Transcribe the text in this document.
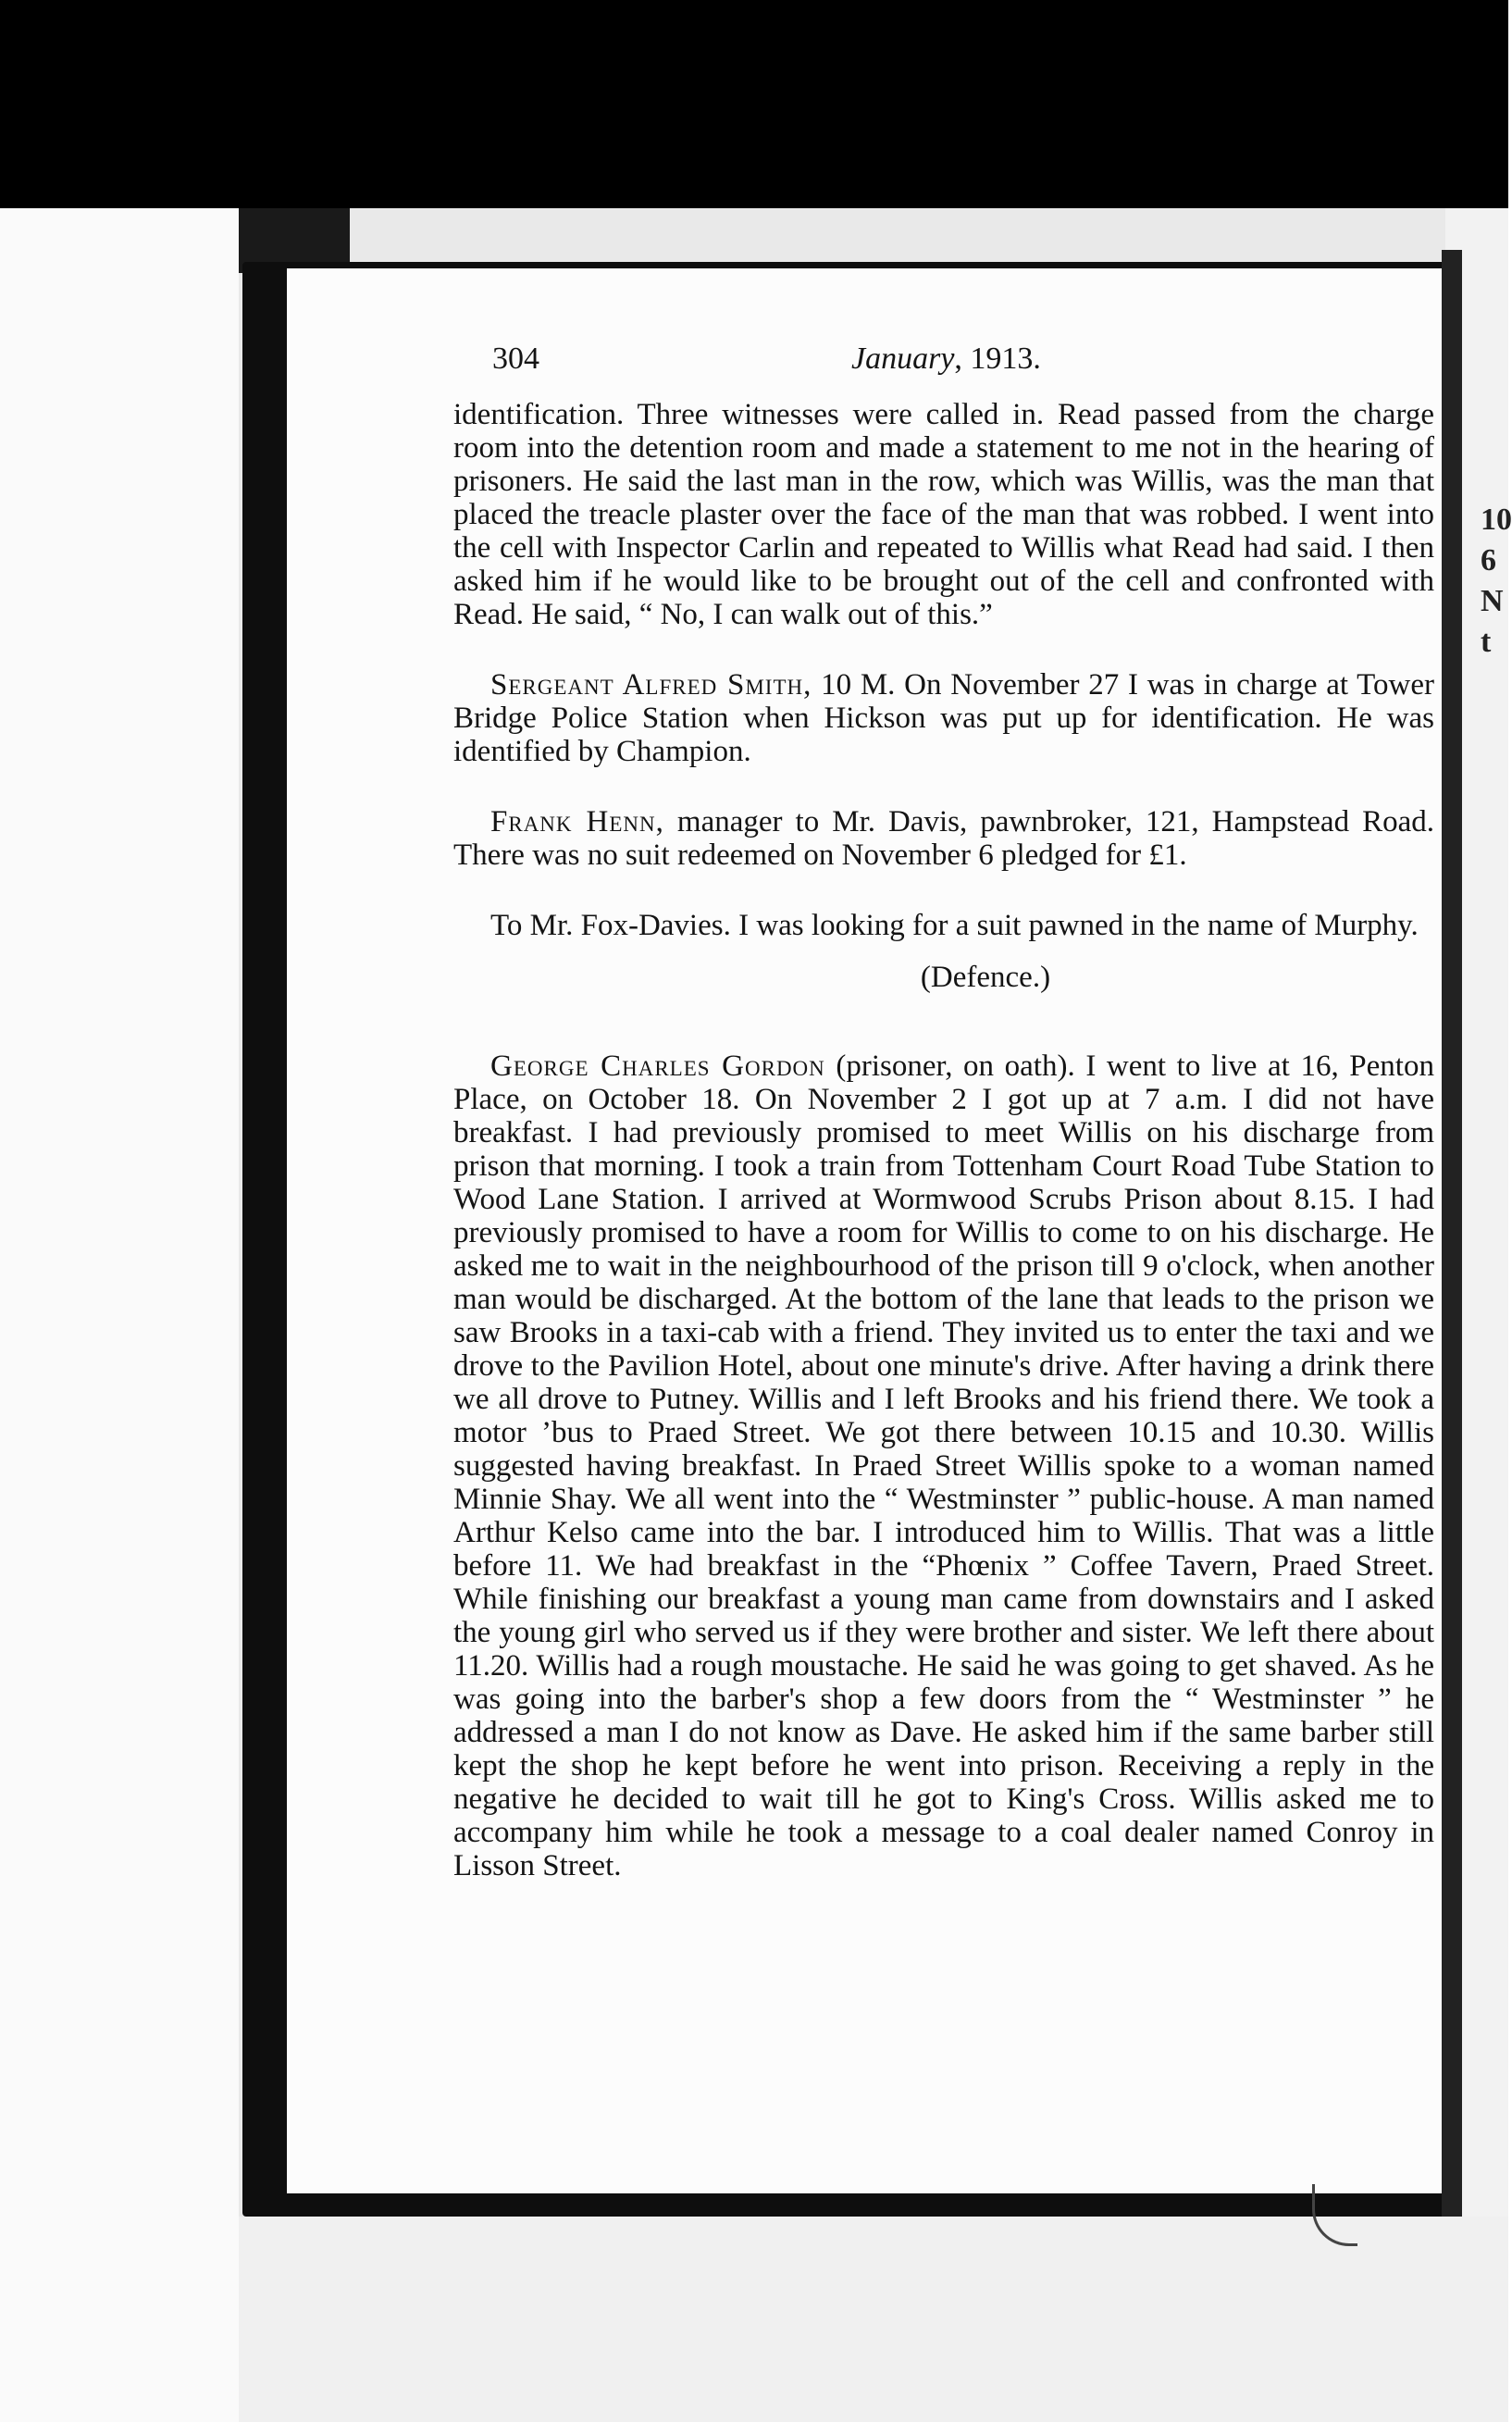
10 6 N t
304	January, 1913.

identification. Three witnesses were called in. Read passed from the charge room into the detention room and made a statement to me not in the hearing of prisoners. He said the last man in the row, which was Willis, was the man that placed the treacle plaster over the face of the man that was robbed. I went into the cell with Inspector Carlin and repeated to Willis what Read had said. I then asked him if he would like to be brought out of the cell and confronted with Read. He said, “ No, I can walk out of this.”

Sergeant Alfred Smith, 10 M. On November 27 I was in charge at Tower Bridge Police Station when Hickson was put up for identification. He was identified by Champion.

Frank Henn, manager to Mr. Davis, pawnbroker, 121, Hampstead Road. There was no suit redeemed on November 6 pledged for £1.

To Mr. Fox-Davies. I was looking for a suit pawned in the name of Murphy.

(Defence.)

George Charles Gordon (prisoner, on oath). I went to live at 16, Penton Place, on October 18. On November 2 I got up at 7 a.m. I did not have breakfast. I had previously promised to meet Willis on his discharge from prison that morning. I took a train from Tottenham Court Road Tube Station to Wood Lane Station. I arrived at Wormwood Scrubs Prison about 8.15. I had previously promised to have a room for Willis to come to on his discharge. He asked me to wait in the neighbourhood of the prison till 9 o'clock, when another man would be discharged. At the bottom of the lane that leads to the prison we saw Brooks in a taxi-cab with a friend. They invited us to enter the taxi and we drove to the Pavilion Hotel, about one minute's drive. After having a drink there we all drove to Putney. Willis and I left Brooks and his friend there. We took a motor ’bus to Praed Street. We got there between 10.15 and 10.30. Willis suggested having breakfast. In Praed Street Willis spoke to a woman named Minnie Shay. We all went into the “ Westminster ” public-house. A man named Arthur Kelso came into the bar. I introduced him to Willis. That was a little before 11. We had breakfast in the “Phœnix ” Coffee Tavern, Praed Street. While finishing our breakfast a young man came from downstairs and I asked the young girl who served us if they were brother and sister. We left there about 11.20. Willis had a rough moustache. He said he was going to get shaved. As he was going into the barber's shop a few doors from the “ Westminster ” he addressed a man I do not know as Dave. He asked him if the same barber still kept the shop he kept before he went into prison. Receiving a reply in the negative he decided to wait till he got to King's Cross. Willis asked me to accompany him while he took a message to a coal dealer named Conroy in Lisson Street.
